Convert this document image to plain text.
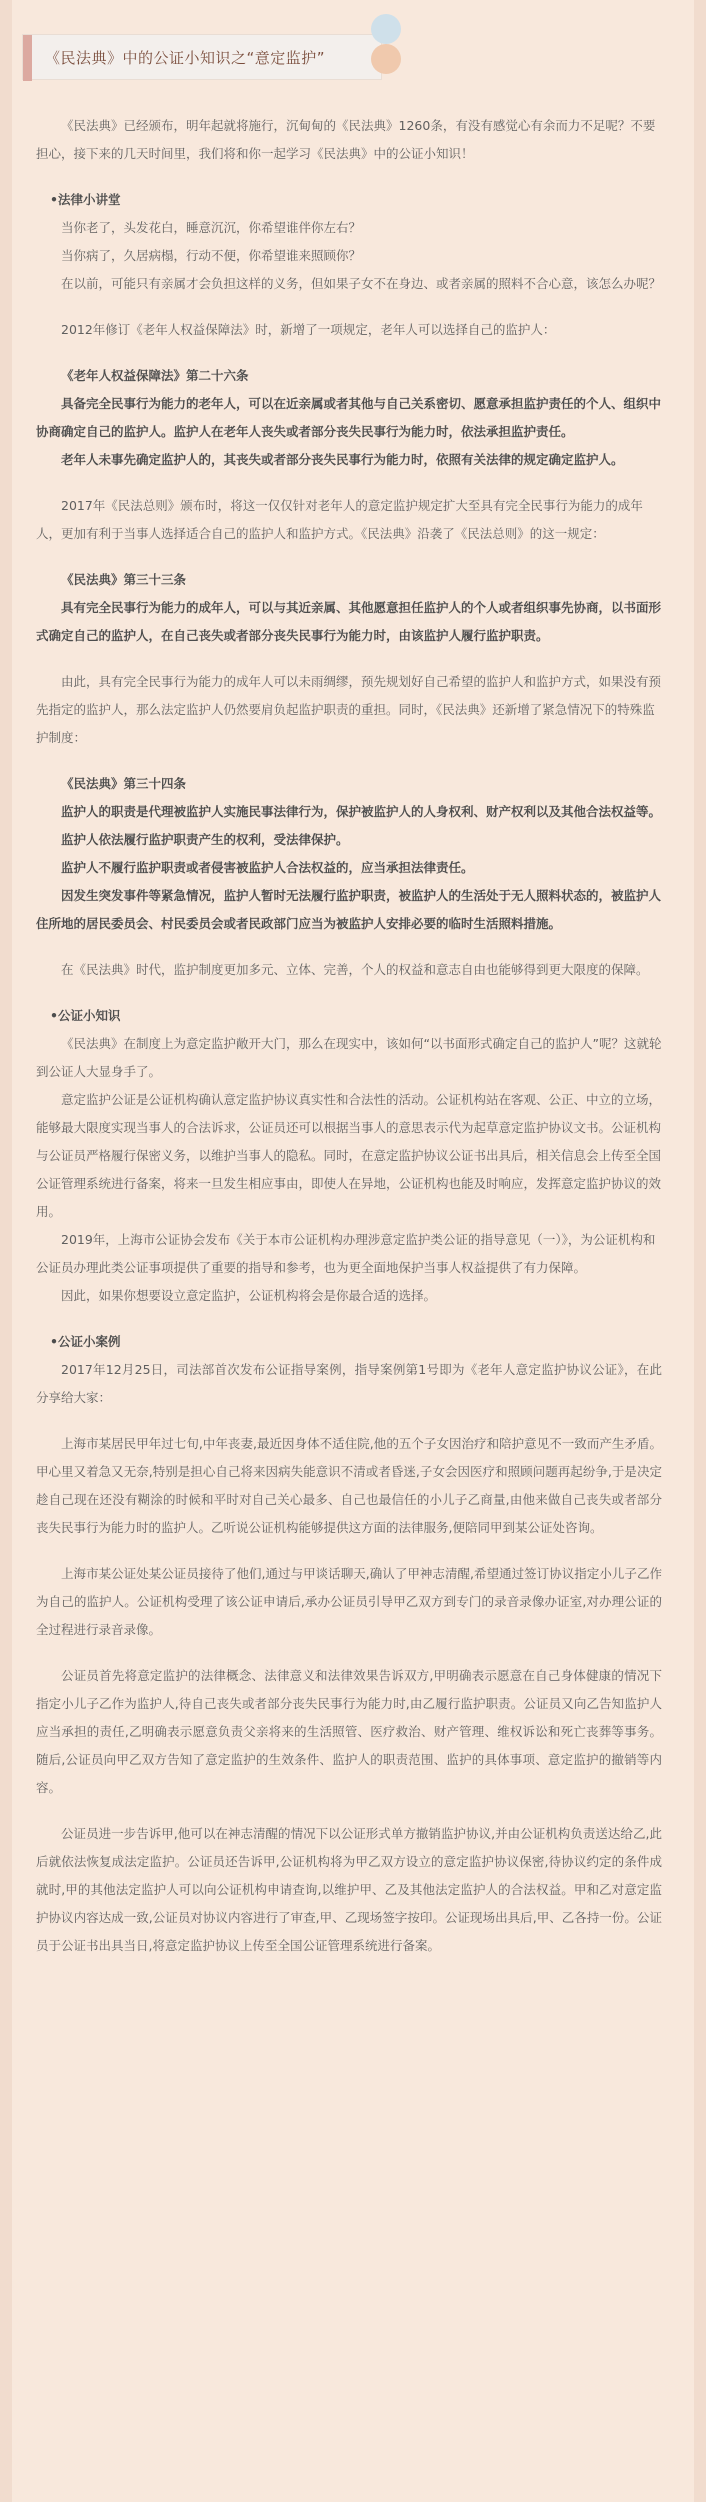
《民法典》中的公证小知识之“意定监护”

《民法典》已经颁布，明年起就将施行，沉甸甸的《民法典》1260条，有没有感觉心有余而力不足呢？不要担心，接下来的几天时间里，我们将和你一起学习《民法典》中的公证小知识！

•法律小讲堂

当你老了，头发花白，睡意沉沉，你希望谁伴你左右？

当你病了，久居病榻，行动不便，你希望谁来照顾你？

在以前，可能只有亲属才会负担这样的义务，但如果子女不在身边、或者亲属的照料不合心意，该怎么办呢？

2012年修订《老年人权益保障法》时，新增了一项规定，老年人可以选择自己的监护人：

《老年人权益保障法》第二十六条

具备完全民事行为能力的老年人，可以在近亲属或者其他与自己关系密切、愿意承担监护责任的个人、组织中协商确定自己的监护人。监护人在老年人丧失或者部分丧失民事行为能力时，依法承担监护责任。

老年人未事先确定监护人的，其丧失或者部分丧失民事行为能力时，依照有关法律的规定确定监护人。

2017年《民法总则》颁布时，将这一仅仅针对老年人的意定监护规定扩大至具有完全民事行为能力的成年人，更加有利于当事人选择适合自己的监护人和监护方式。《民法典》沿袭了《民法总则》的这一规定：

《民法典》第三十三条

具有完全民事行为能力的成年人，可以与其近亲属、其他愿意担任监护人的个人或者组织事先协商，以书面形式确定自己的监护人，在自己丧失或者部分丧失民事行为能力时，由该监护人履行监护职责。

由此，具有完全民事行为能力的成年人可以未雨绸缪，预先规划好自己希望的监护人和监护方式，如果没有预先指定的监护人，那么法定监护人仍然要肩负起监护职责的重担。同时，《民法典》还新增了紧急情况下的特殊监护制度：

《民法典》第三十四条

监护人的职责是代理被监护人实施民事法律行为，保护被监护人的人身权利、财产权利以及其他合法权益等。

监护人依法履行监护职责产生的权利，受法律保护。

监护人不履行监护职责或者侵害被监护人合法权益的，应当承担法律责任。

因发生突发事件等紧急情况，监护人暂时无法履行监护职责，被监护人的生活处于无人照料状态的，被监护人住所地的居民委员会、村民委员会或者民政部门应当为被监护人安排必要的临时生活照料措施。

在《民法典》时代，监护制度更加多元、立体、完善，个人的权益和意志自由也能够得到更大限度的保障。

•公证小知识

《民法典》在制度上为意定监护敞开大门，那么在现实中，该如何“以书面形式确定自己的监护人”呢？这就轮到公证人大显身手了。

意定监护公证是公证机构确认意定监护协议真实性和合法性的活动。公证机构站在客观、公正、中立的立场，能够最大限度实现当事人的合法诉求，公证员还可以根据当事人的意思表示代为起草意定监护协议文书。公证机构与公证员严格履行保密义务，以维护当事人的隐私。同时，在意定监护协议公证书出具后，相关信息会上传至全国公证管理系统进行备案，将来一旦发生相应事由，即使人在异地，公证机构也能及时响应，发挥意定监护协议的效用。

2019年，上海市公证协会发布《关于本市公证机构办理涉意定监护类公证的指导意见（一）》，为公证机构和公证员办理此类公证事项提供了重要的指导和参考，也为更全面地保护当事人权益提供了有力保障。

因此，如果你想要设立意定监护，公证机构将会是你最合适的选择。

•公证小案例

2017年12月25日，司法部首次发布公证指导案例，指导案例第1号即为《老年人意定监护协议公证》，在此分享给大家：

上海市某居民甲年过七旬,中年丧妻,最近因身体不适住院,他的五个子女因治疗和陪护意见不一致而产生矛盾。甲心里又着急又无奈,特别是担心自己将来因病失能意识不清或者昏迷,子女会因医疗和照顾问题再起纷争,于是决定趁自己现在还没有糊涂的时候和平时对自己关心最多、自己也最信任的小儿子乙商量,由他来做自己丧失或者部分丧失民事行为能力时的监护人。乙听说公证机构能够提供这方面的法律服务,便陪同甲到某公证处咨询。

上海市某公证处某公证员接待了他们,通过与甲谈话聊天,确认了甲神志清醒,希望通过签订协议指定小儿子乙作为自己的监护人。公证机构受理了该公证申请后,承办公证员引导甲乙双方到专门的录音录像办证室,对办理公证的全过程进行录音录像。

公证员首先将意定监护的法律概念、法律意义和法律效果告诉双方,甲明确表示愿意在自己身体健康的情况下指定小儿子乙作为监护人,待自己丧失或者部分丧失民事行为能力时,由乙履行监护职责。公证员又向乙告知监护人应当承担的责任,乙明确表示愿意负责父亲将来的生活照管、医疗救治、财产管理、维权诉讼和死亡丧葬等事务。随后,公证员向甲乙双方告知了意定监护的生效条件、监护人的职责范围、监护的具体事项、意定监护的撤销等内容。

公证员进一步告诉甲,他可以在神志清醒的情况下以公证形式单方撤销监护协议,并由公证机构负责送达给乙,此后就依法恢复成法定监护。公证员还告诉甲,公证机构将为甲乙双方设立的意定监护协议保密,待协议约定的条件成就时,甲的其他法定监护人可以向公证机构申请查询,以维护甲、乙及其他法定监护人的合法权益。甲和乙对意定监护协议内容达成一致,公证员对协议内容进行了审查,甲、乙现场签字按印。公证现场出具后,甲、乙各持一份。公证员于公证书出具当日,将意定监护协议上传至全国公证管理系统进行备案。
